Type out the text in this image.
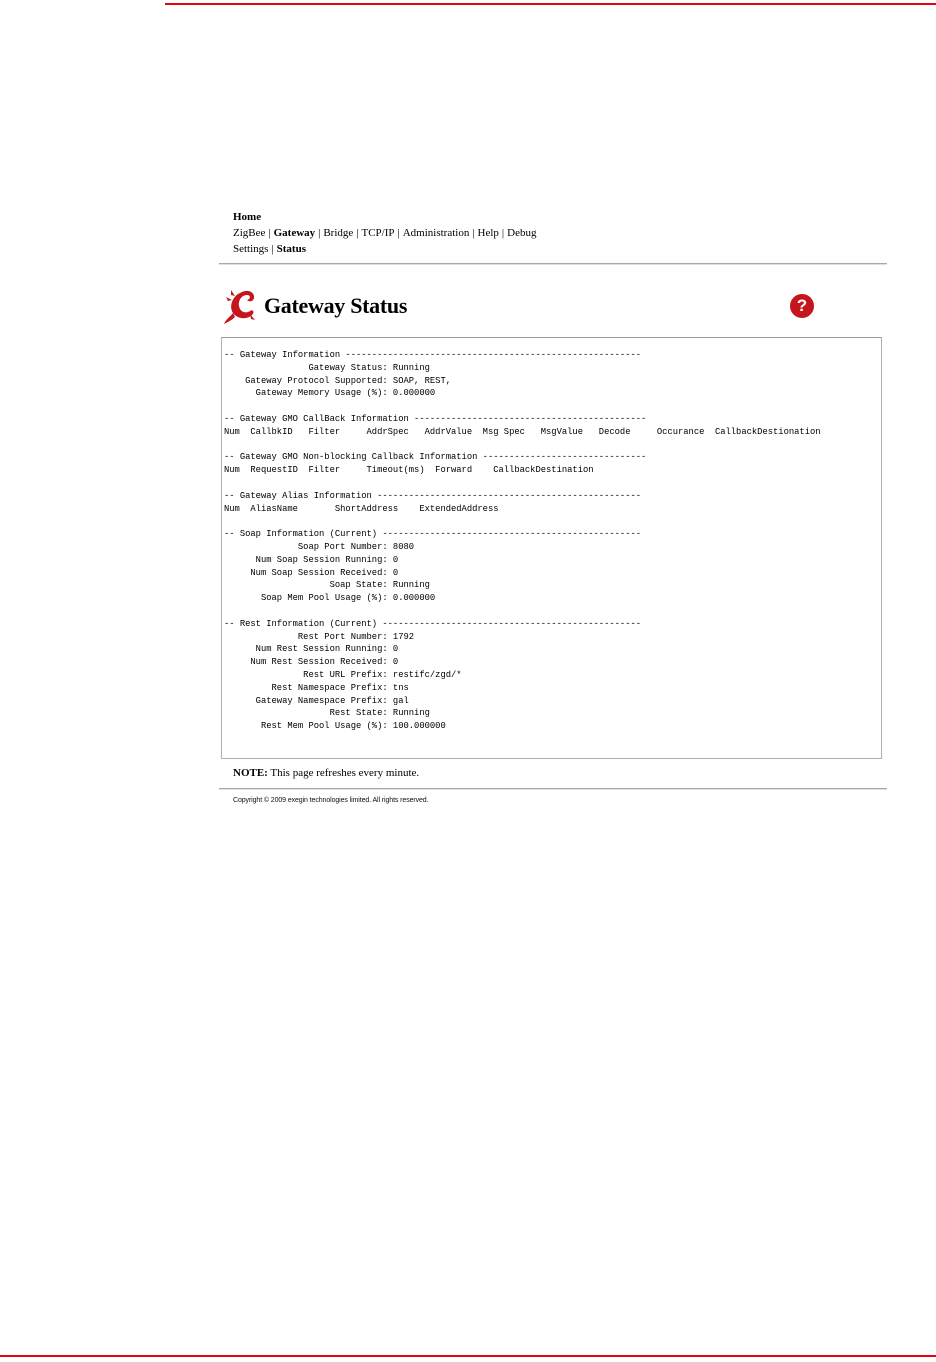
Home
ZigBee | Gateway | Bridge | TCP/IP | Administration | Help | Debug
Settings | Status
Gateway Status	?
-- Gateway Information --------------------------------------------------------
Gateway Status: Running
Gateway Protocol Supported: SOAP, REST,
Gateway Memory Usage (%): 0.000000

-- Gateway GMO CallBack Information --------------------------------------------
Num  CallbkID   Filter     AddrSpec   AddrValue  Msg Spec   MsgValue   Decode     Occurance  CallbackDestionation

-- Gateway GMO Non-blocking Callback Information -------------------------------
Num  RequestID  Filter     Timeout(ms)  Forward    CallbackDestination

-- Gateway Alias Information --------------------------------------------------
Num  AliasName       ShortAddress    ExtendedAddress

-- Soap Information (Current) -------------------------------------------------
Soap Port Number: 8080
Num Soap Session Running: 0
Num Soap Session Received: 0
Soap State: Running
Soap Mem Pool Usage (%): 0.000000

-- Rest Information (Current) -------------------------------------------------
Rest Port Number: 1792
Num Rest Session Running: 0
Num Rest Session Received: 0
Rest URL Prefix: restifc/zgd/*
Rest Namespace Prefix: tns
Gateway Namespace Prefix: gal
Rest State: Running
Rest Mem Pool Usage (%): 100.000000

NOTE: This page refreshes every minute.
Copyright © 2009 exegin technologies limited. All rights reserved.
